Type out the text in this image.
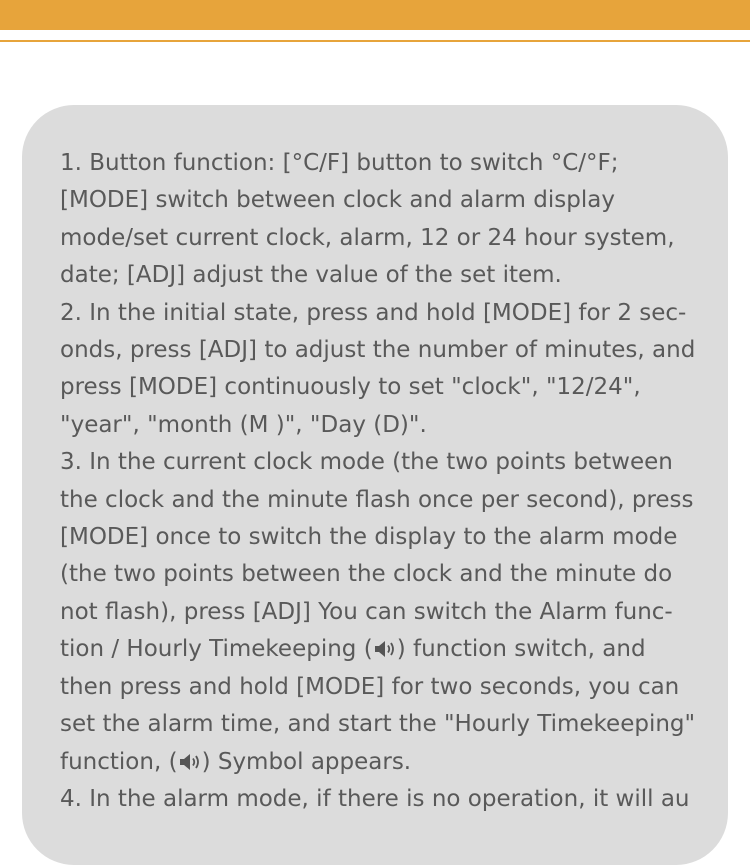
1. Button function: [°C/F] button to switch °C/°F; [MODE] switch between clock and alarm display mode/set current clock, alarm, 12 or 24 hour system, date; [ADJ] adjust the value of the set item.

2. In the initial state, press and hold [MODE] for 2 sec-onds, press [ADJ] to adjust the number of minutes, and press [MODE] continuously to set "clock", "12/24", "year", "month (M )", "Day (D)".

3. In the current clock mode (the two points between the clock and the minute flash once per second), press [MODE] once to switch the display to the alarm mode (the two points between the clock and the minute do not flash), press [ADJ] You can switch the Alarm func-tion / Hourly Timekeeping ( ) function switch, and then press and hold [MODE] for two seconds, you can set the alarm time, and start the "Hourly Timekeeping" function, ( ) Symbol appears.

4. In the alarm mode, if there is no operation, it will au
